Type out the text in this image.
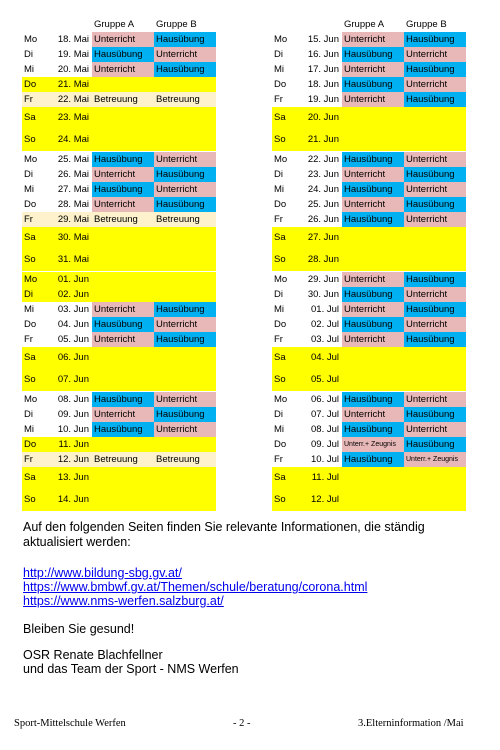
		Gruppe A	Gruppe B
Mo	18. Mai	Unterricht	Hausübung
Di	19. Mai	Hausübung	Unterricht
Mi	20. Mai	Unterricht	Hausübung
Do	21. Mai		
Fr	22. Mai	Betreuung	Betreuung
Sa	23. Mai		
So	24. Mai		
Mo	25. Mai	Hausübung	Unterricht
Di	26. Mai	Unterricht	Hausübung
Mi	27. Mai	Hausübung	Unterricht
Do	28. Mai	Unterricht	Hausübung
Fr	29. Mai	Betreuung	Betreuung
Sa	30. Mai		
So	31. Mai		
Mo	01. Jun		
Di	02. Jun		
Mi	03. Jun	Unterricht	Hausübung
Do	04. Jun	Hausübung	Unterricht
Fr	05. Jun	Unterricht	Hausübung
Sa	06. Jun		
So	07. Jun		
Mo	08. Jun	Hausübung	Unterricht
Di	09. Jun	Unterricht	Hausübung
Mi	10. Jun	Hausübung	Unterricht
Do	11. Jun		
Fr	12. Jun	Betreuung	Betreuung
Sa	13. Jun		
So	14. Jun		
		Gruppe A	Gruppe B
Mo	15. Jun	Unterricht	Hausübung
Di	16. Jun	Hausübung	Unterricht
Mi	17. Jun	Unterricht	Hausübung
Do	18. Jun	Hausübung	Unterricht
Fr	19. Jun	Unterricht	Hausübung
Sa	20. Jun		
So	21. Jun		
Mo	22. Jun	Hausübung	Unterricht
Di	23. Jun	Unterricht	Hausübung
Mi	24. Jun	Hausübung	Unterricht
Do	25. Jun	Unterricht	Hausübung
Fr	26. Jun	Hausübung	Unterricht
Sa	27. Jun		
So	28. Jun		
Mo	29. Jun	Unterricht	Hausübung
Di	30. Jun	Hausübung	Unterricht
Mi	01. Jul	Unterricht	Hausübung
Do	02. Jul	Hausübung	Unterricht
Fr	03. Jul	Unterricht	Hausübung
Sa	04. Jul		
So	05. Jul		
Mo	06. Jul	Hausübung	Unterricht
Di	07. Jul	Unterricht	Hausübung
Mi	08. Jul	Hausübung	Unterricht
Do	09. Jul	Unterr.+ Zeugnis	Hausübung
Fr	10. Jul	Hausübung	Unterr.+ Zeugnis
Sa	11. Jul		
So	12. Jul		
Auf den folgenden Seiten finden Sie relevante Informationen, die ständig aktualisiert werden:
http://www.bildung-sbg.gv.at/
https://www.bmbwf.gv.at/Themen/schule/beratung/corona.html
https://www.nms-werfen.salzburg.at/
Bleiben Sie gesund!
OSR Renate Blachfellner
und das Team der Sport - NMS Werfen
Sport-Mittelschule Werfen	- 2 -	3.Elterninformation /Mai
